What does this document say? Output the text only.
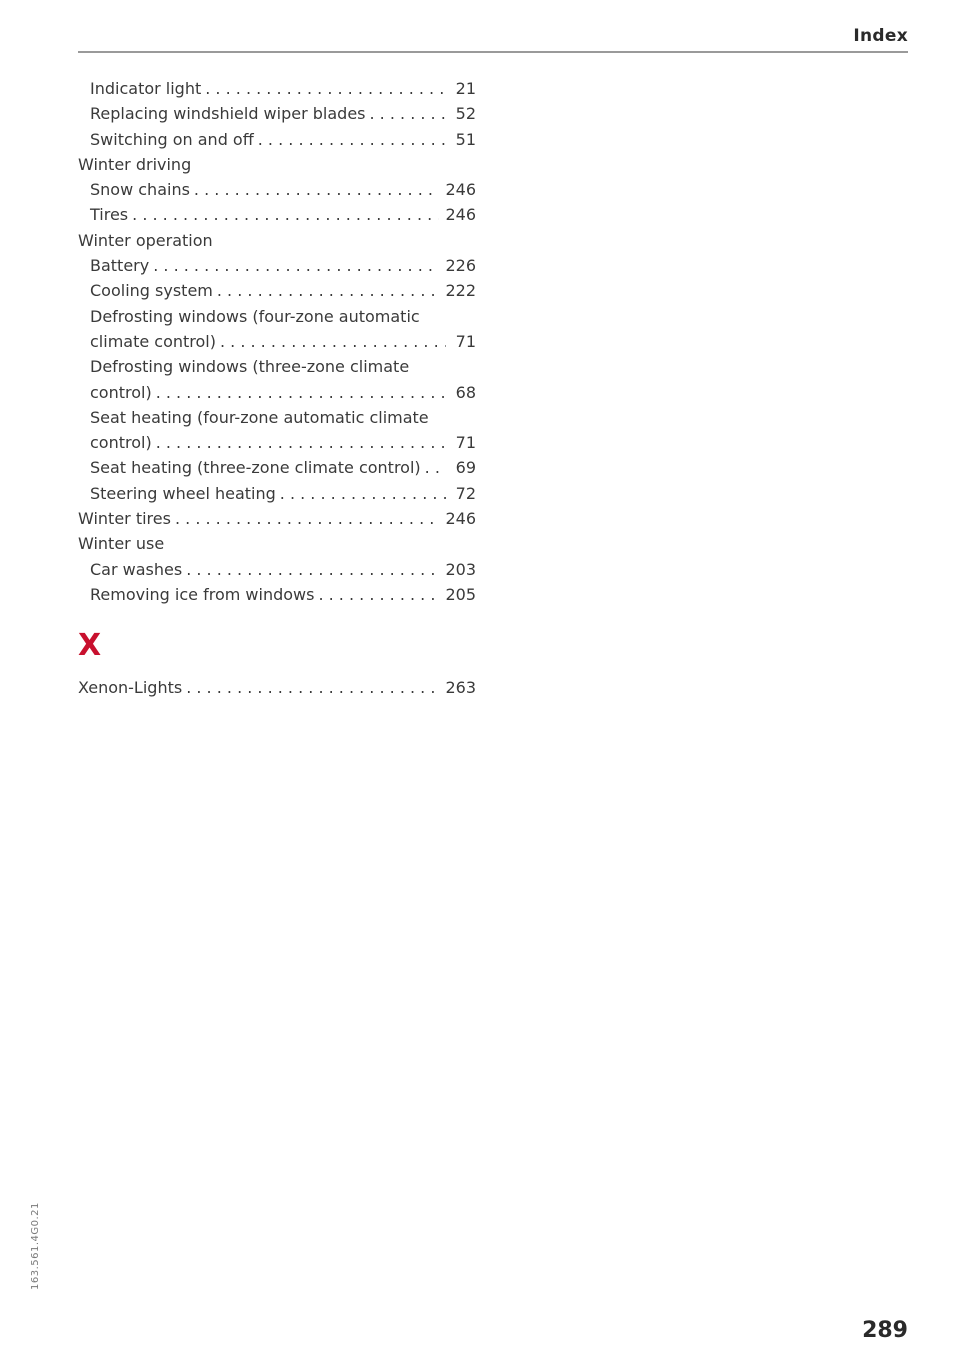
Index
Indicator light . . .	21
Replacing windshield wiper blades . . .	52
Switching on and off . . .	51
Winter driving
Snow chains . . .	246
Tires . . .	246
Winter operation
Battery . . .	226
Cooling system . . .	222
Defrosting windows (four-zone automatic
climate control) . . .	71
Defrosting windows (three-zone climate
control) . . .	68
Seat heating (four-zone automatic climate
control) . . .	71
Seat heating (three-zone climate control) . . . 69
Steering wheel heating . . .	72
Winter tires . . .	246
Winter use
Car washes . . .	203
Removing ice from windows . . .	205
X
Xenon-Lights . . .	263
289
163.561.4G0.21
